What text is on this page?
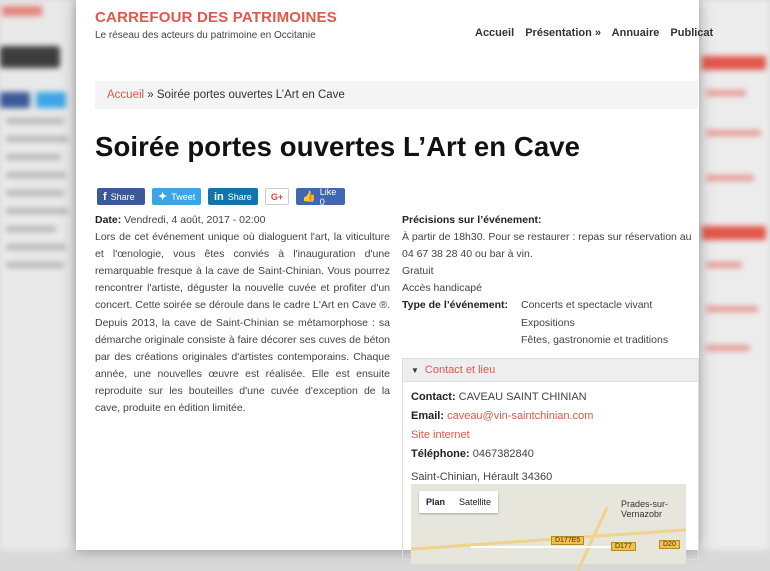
CARREFOUR DES PATRIMOINES
Le réseau des acteurs du patrimoine en Occitanie	Accueil Présentation » Annuaire Publicat
Accueil » Soirée portes ouvertes L’Art en Cave
Soirée portes ouvertes L’Art en Cave
f Share ✦ Tweet in Share G+ 👍 Like 0
Date: Vendredi, 4 août, 2017 - 02:00
Lors de cet événement unique où dialoguent l'art, la viticulture et l'œnologie, vous êtes conviés à l'inauguration d'une remarquable fresque à la cave de Saint-Chinian. Vous pourrez rencontrer l'artiste, déguster la nouvelle cuvée et profiter d'un concert. Cette soirée se déroule dans le cadre L'Art en Cave ®. Depuis 2013, la cave de Saint-Chinian se métamorphose : sa démarche originale consiste à faire décorer ses cuves de béton par des créations originales d'artistes contemporains. Chaque année, une nouvelles œuvre est réalisée. Elle est ensuite reproduite sur les bouteilles d'une cuvée d'exception de la cave, produite en édition limitée.
Précisions sur l’événement:
À partir de 18h30. Pour se restaurer : repas sur réservation au 04 67 38 28 40 ou bar à vin.
Gratuit
Accès handicapé
Type de l’événement:	Concerts et spectacle vivant
Expositions
Fêtes, gastronomie et traditions
▼ Contact et lieu
Contact: CAVEAU SAINT CHINIAN
Email: caveau@vin-saintchinian.com
Site internet
Téléphone: 0467382840
Saint-Chinian, Hérault 34360
Plan	Satellite	Prades-sur-Vernazobr
D177E5
D177	D20
